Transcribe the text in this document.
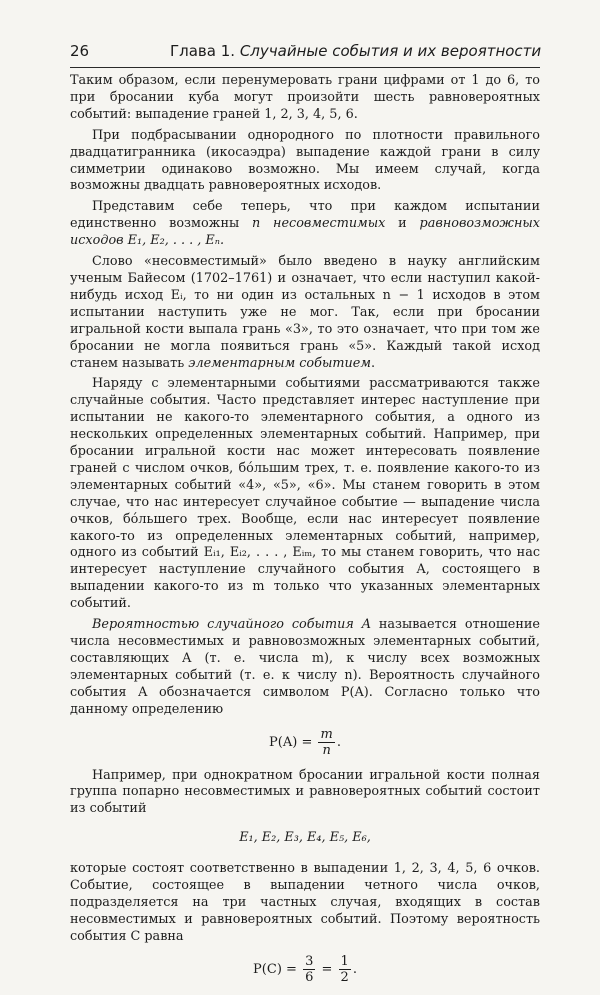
26	Глава 1. Случайные события и их вероятности

Таким образом, если перенумеровать грани цифрами от 1 до 6, то при бросании куба могут произойти шесть равновероятных событий: выпадение граней 1, 2, 3, 4, 5, 6.

При подбрасывании однородного по плотности правильного двадцатигранника (икосаэдра) выпадение каждой грани в силу симметрии одинаково возможно. Мы имеем случай, когда возможны двадцать равновероятных исходов.

Представим себе теперь, что при каждом испытании единственно возможны n несовместимых и равновозможных исходов E₁, E₂, . . . , Eₙ.

Слово «несовместимый» было введено в науку английским ученым Байесом (1702–1761) и означает, что если наступил какой-нибудь исход Eᵢ, то ни один из остальных n − 1 исходов в этом испытании наступить уже не мог. Так, если при бросании игральной кости выпала грань «3», то это означает, что при том же бросании не могла появиться грань «5». Каждый такой исход станем называть элементарным событием.

Наряду с элементарными событиями рассматриваются также случайные события. Часто представляет интерес наступление при испытании не какого-то элементарного события, а одного из нескольких определенных элементарных событий. Например, при бросании игральной кости нас может интересовать появление граней с числом очков, бóльшим трех, т. е. появление какого-то из элементарных событий «4», «5», «6». Мы станем говорить в этом случае, что нас интересует случайное событие — выпадение числа очков, бóльшего трех. Вообще, если нас интересует появление какого-то из определенных элементарных событий, например, одного из событий Eᵢ₁, Eᵢ₂, . . . , Eᵢₘ, то мы станем говорить, что нас интересует наступление случайного события A, состоящего в выпадении какого-то из m только что указанных элементарных событий.

Вероятностью случайного события A называется отношение числа несовместимых и равновозможных элементарных событий, составляющих A (т. е. числа m), к числу всех возможных элементарных событий (т. е. к числу n). Вероятность случайного события A обозначается символом P(A). Согласно только что данному определению

$P(A) = \frac{m}{n}$ .

Например, при однократном бросании игральной кости полная группа попарно несовместимых и равновероятных событий состоит из событий

E₁, E₂, E₃, E₄, E₅, E₆,

которые состоят соответственно в выпадении 1, 2, 3, 4, 5, 6 очков. Событие, состоящее в выпадении четного числа очков, подразделяется на три частных случая, входящих в состав несовместимых и равновероятных событий. Поэтому вероятность события C равна

$P(C) = \frac{3}{6} = \frac{1}{2}$ .
